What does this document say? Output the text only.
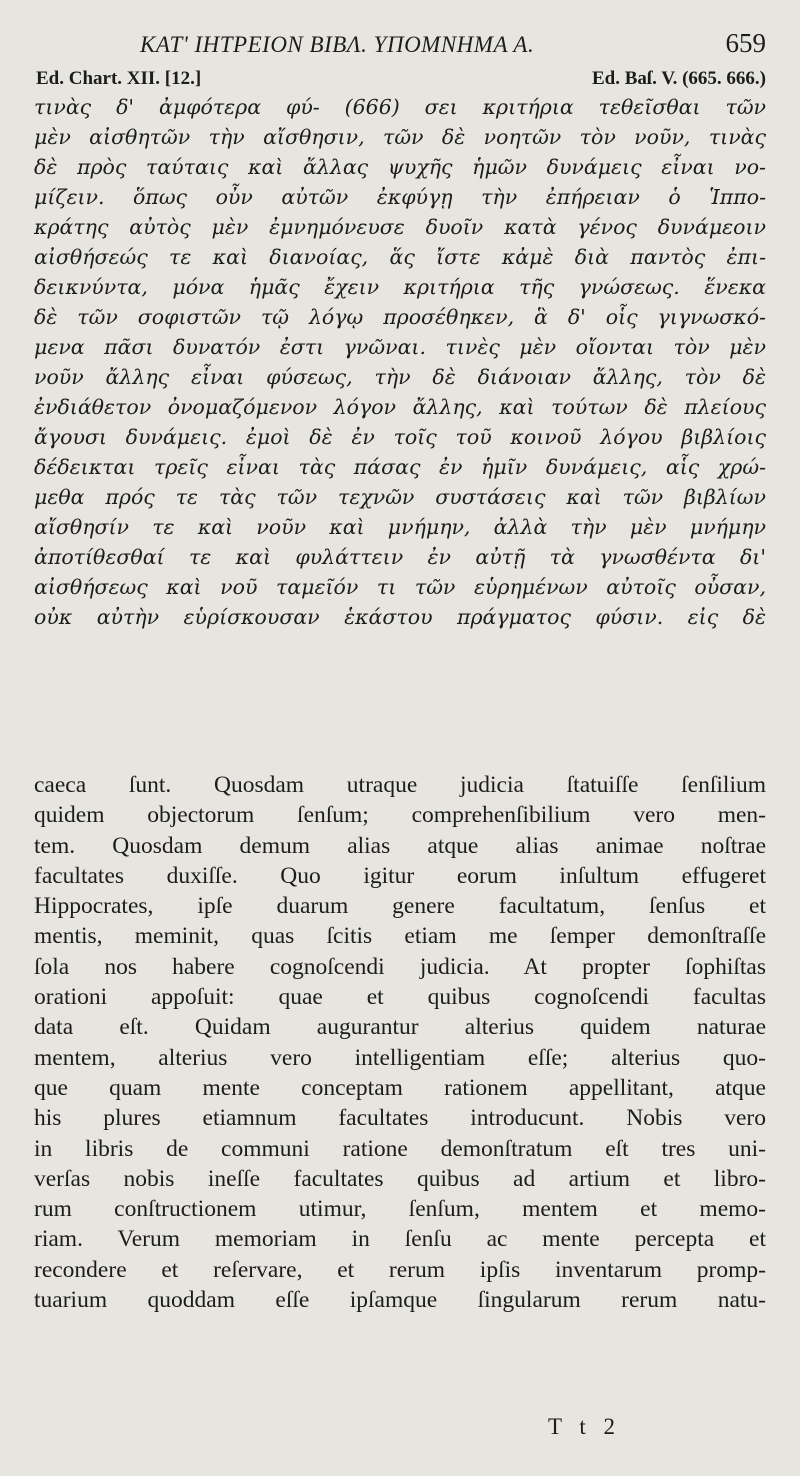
ΚΑΤ' ΙΗΤΡΕΙΟΝ ΒΙΒΛ. ΥΠΟΜΝΗΜΑ Α.	659
Ed. Chart. XII. [12.]	Ed. Baſ. V. (665. 666.)
τινὰς δ' ἀμφότερα φύ- (666) σει κριτήρια τεθεῖσθαι τῶν
μὲν αἰσθητῶν τὴν αἴσθησιν, τῶν δὲ νοητῶν τὸν νοῦν, τινὰς
δὲ πρὸς ταύταις καὶ ἄλλας ψυχῆς ἡμῶν δυνάμεις εἶναι νο-
μίζειν. ὅπως οὖν αὐτῶν ἐκφύγῃ τὴν ἐπήρειαν ὁ Ἱππο-
κράτης αὐτὸς μὲν ἐμνημόνευσε δυοῖν κατὰ γένος δυνάμεοιν
αἰσθήσεώς τε καὶ διανοίας, ἅς ἴστε κἀμὲ διὰ παντὸς ἐπι-
δεικνύντα, μόνα ἡμᾶς ἔχειν κριτήρια τῆς γνώσεως. ἕνεκα
δὲ τῶν σοφιστῶν τῷ λόγῳ προσέθηκεν, ἃ δ' οἷς γιγνωσκό-
μενα πᾶσι δυνατόν ἐστι γνῶναι. τινὲς μὲν οἴονται τὸν μὲν
νοῦν ἄλλης εἶναι φύσεως, τὴν δὲ διάνοιαν ἄλλης, τὸν δὲ
ἐνδιάθετον ὀνομαζόμενον λόγον ἄλλης, καὶ τούτων δὲ πλείους
ἄγουσι δυνάμεις. ἐμοὶ δὲ ἐν τοῖς τοῦ κοινοῦ λόγου βιβλίοις
δέδεικται τρεῖς εἶναι τὰς πάσας ἐν ἡμῖν δυνάμεις, αἷς χρώ-
μεθα πρός τε τὰς τῶν τεχνῶν συστάσεις καὶ τῶν βιβλίων
αἴσθησίν τε καὶ νοῦν καὶ μνήμην, ἀλλὰ τὴν μὲν μνήμην
ἀποτίθεσθαί τε καὶ φυλάττειν ἐν αὐτῇ τὰ γνωσθέντα δι'
αἰσθήσεως καὶ νοῦ ταμεῖόν τι τῶν εὑρημένων αὐτοῖς οὖσαν,
οὐκ αὐτὴν εὑρίσκουσαν ἑκάστου πράγματος φύσιν. εἰς δὲ
caeca ſunt. Quosdam utraque judicia ſtatuiſſe ſenſilium
quidem objectorum ſenſum; comprehenſibilium vero men-
tem. Quosdam demum alias atque alias animae noſtrae
facultates duxiſſe. Quo igitur eorum inſultum effugeret
Hippocrates, ipſe duarum genere facultatum, ſenſus et
mentis, meminit, quas ſcitis etiam me ſemper demonſtraſſe
ſola nos habere cognoſcendi judicia. At propter ſophiſtas
orationi appoſuit: quae et quibus cognoſcendi facultas
data eſt. Quidam augurantur alterius quidem naturae
mentem, alterius vero intelligentiam eſſe; alterius quo-
que quam mente conceptam rationem appellitant, atque
his plures etiamnum facultates introducunt. Nobis vero
in libris de communi ratione demonſtratum eſt tres uni-
verſas nobis ineſſe facultates quibus ad artium et libro-
rum conſtructionem utimur, ſenſum, mentem et memo-
riam. Verum memoriam in ſenſu ac mente percepta et
recondere et reſervare, et rerum ipſis inventarum promp-
tuarium quoddam eſſe ipſamque ſingularum rerum natu-
T t 2
